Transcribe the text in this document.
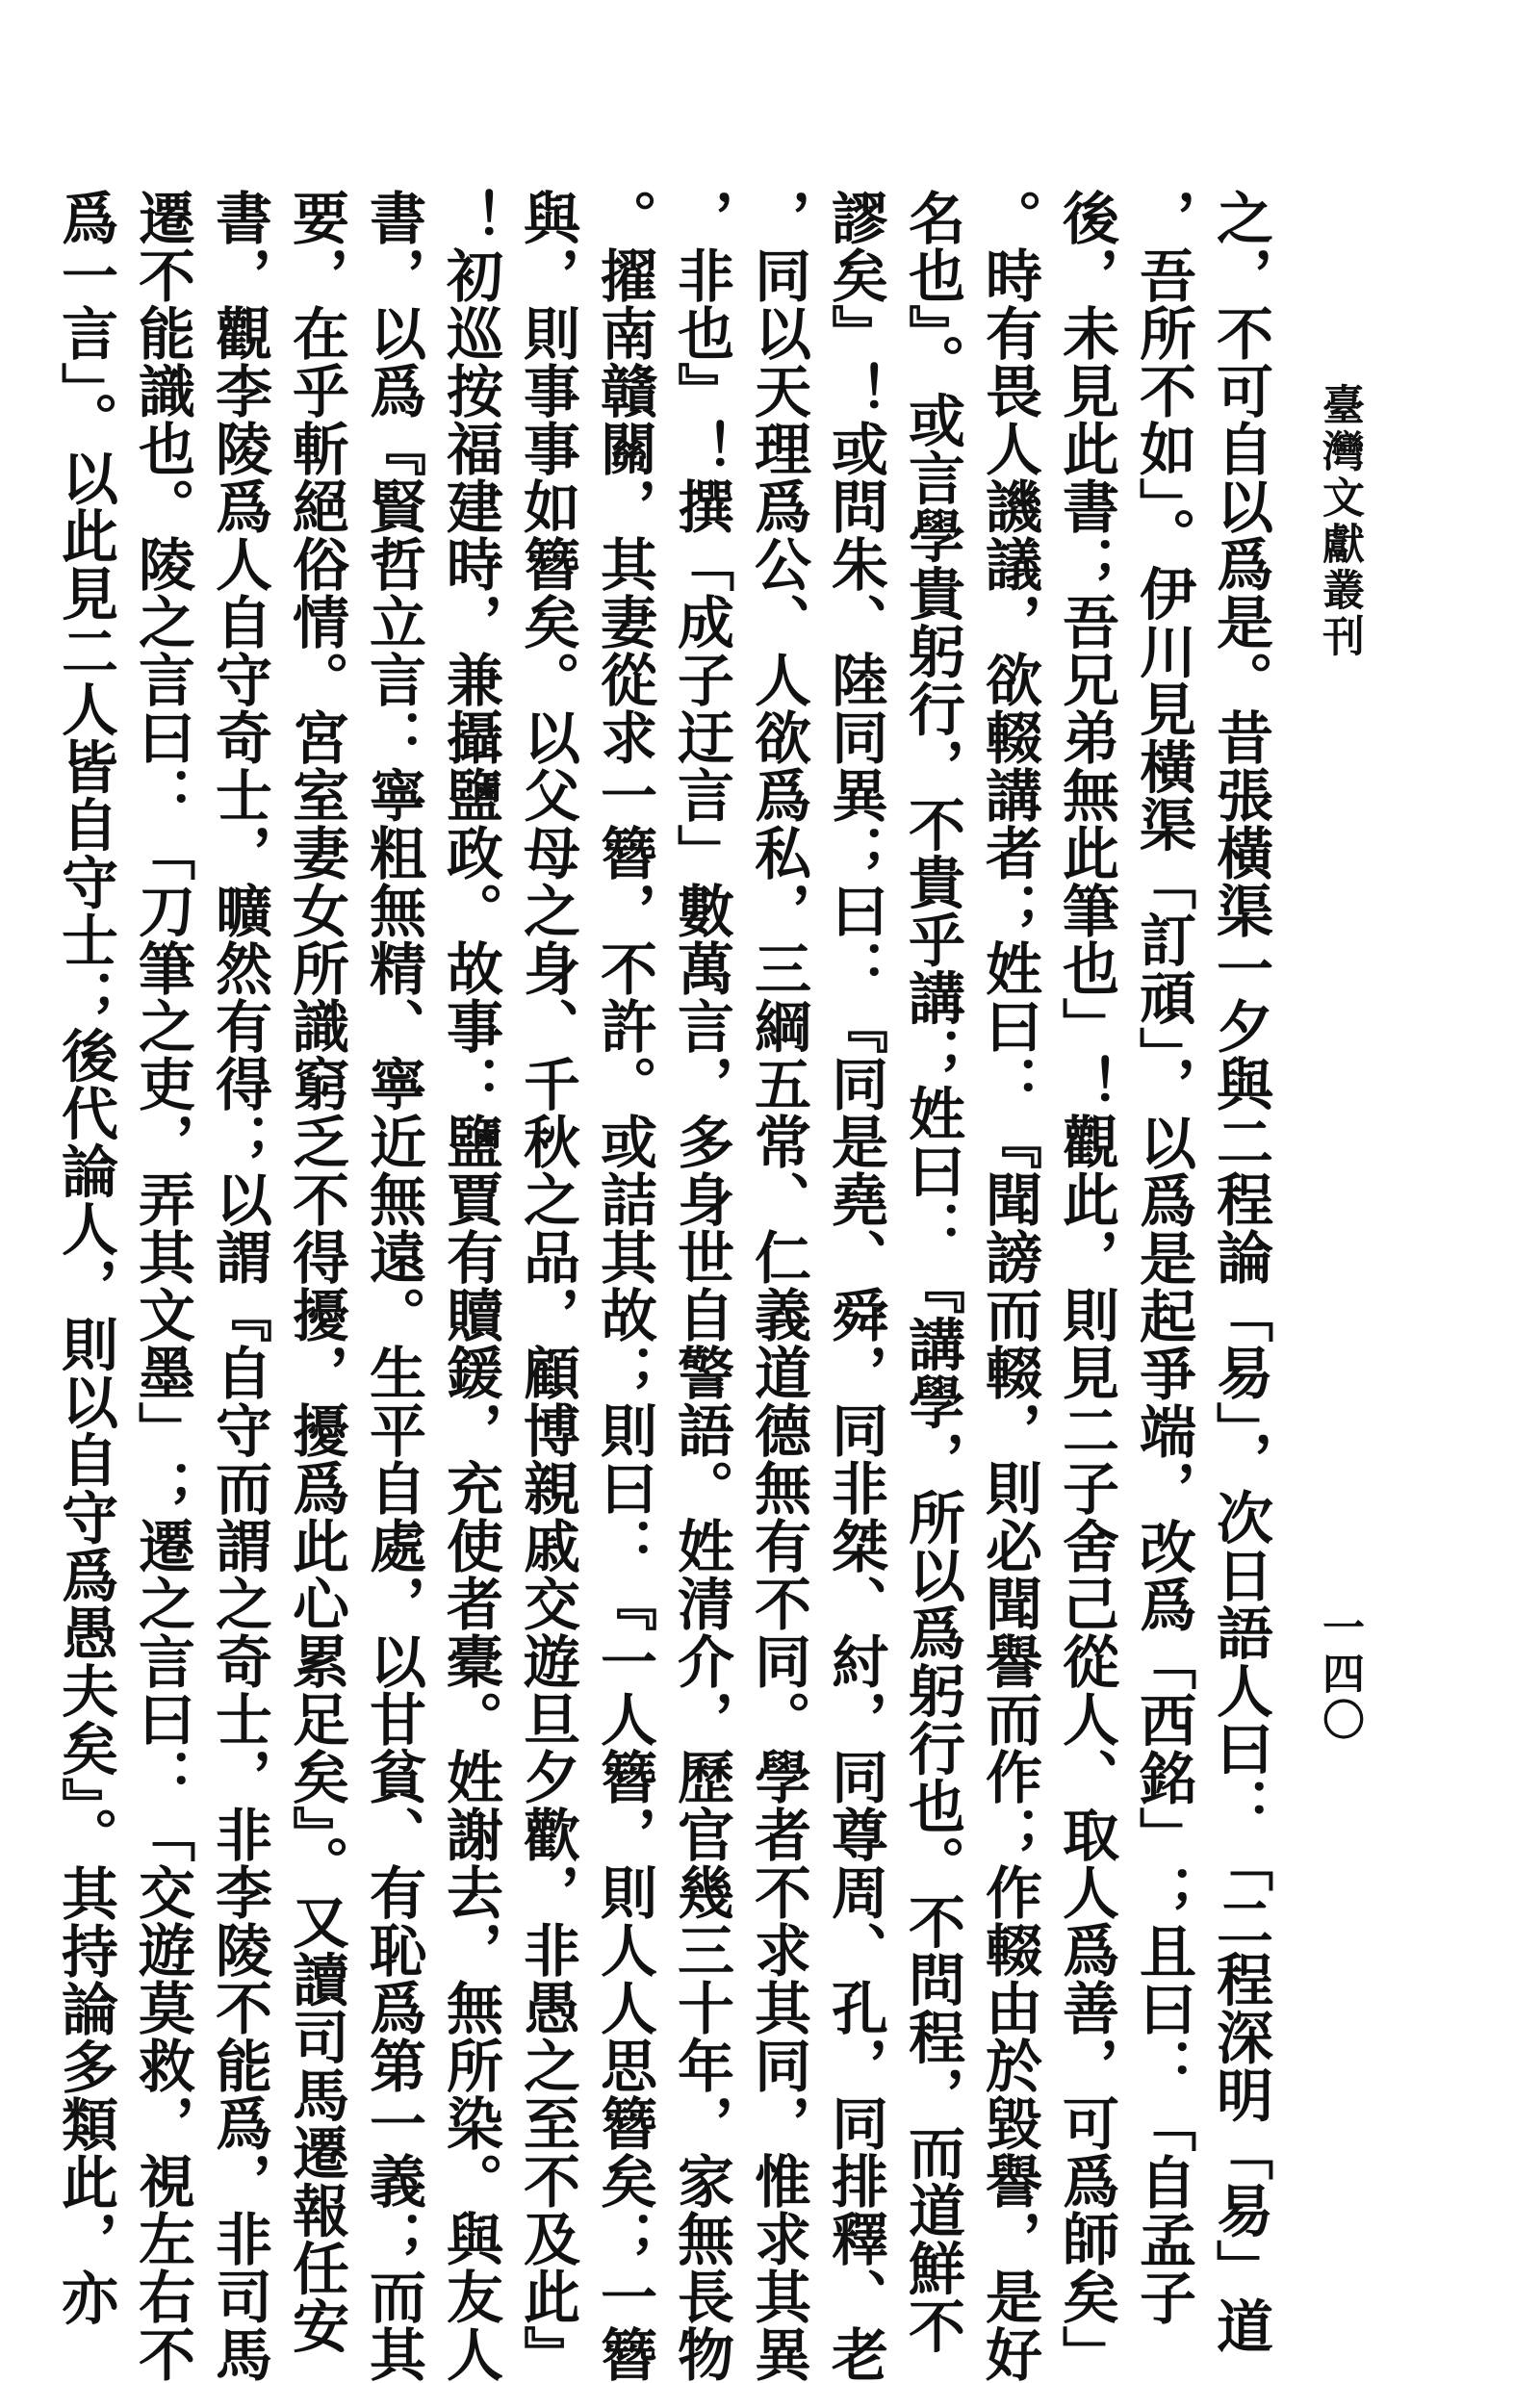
臺灣文獻叢刊
一四〇
之，不可自以爲是。昔張橫渠一夕與二程論「易」，次日語人曰：「二程深明「易」道
，吾所不如」。伊川見橫渠「訂頑」，以爲是起爭端，改爲「西銘」；且曰：「自孟子
後，未見此書；吾兄弟無此筆也」！觀此，則見二子舍己從人、取人爲善，可爲師矣」
。時有畏人譏議，欲輟講者；姓曰：『聞謗而輟，則必聞譽而作；作輟由於毀譽，是好
名也』。或言學貴躬行，不貴乎講；姓曰：『講學，所以爲躬行也。不問程，而道鮮不
謬矣』！或問朱、陸同異；曰：『同是堯、舜，同非桀、紂，同尊周、孔，同排釋、老
，同以天理爲公、人欲爲私，三綱五常、仁義道德無有不同。學者不求其同，惟求其異
，非也』！撰「成子迂言」數萬言，多身世自警語。姓清介，歷官幾三十年，家無長物
。擢南贛關，其妻從求一簪，不許。或詰其故；則曰：『一人簪，則人人思簪矣；一簪
與，則事事如簪矣。以父母之身、千秋之品，顧博親戚交遊旦夕歡，非愚之至不及此』
！初巡按福建時，兼攝鹽政。故事：鹽賈有贖鍰，充使者橐。姓謝去，無所染。與友人
書，以爲『賢哲立言：寧粗無精、寧近無遠。生平自處，以甘貧、有恥爲第一義；而其
要，在乎斬絕俗情。宮室妻女所識窮乏不得擾，擾爲此心累足矣』。又讀司馬遷報任安
書，觀李陵爲人自守奇士，曠然有得；以謂『自守而謂之奇士，非李陵不能爲，非司馬
遷不能識也。陵之言曰：「刀筆之吏，弄其文墨」；遷之言曰：「交遊莫救，視左右不
爲一言」。以此見二人皆自守士；後代論人，則以自守爲愚夫矣』。其持論多類此，亦
